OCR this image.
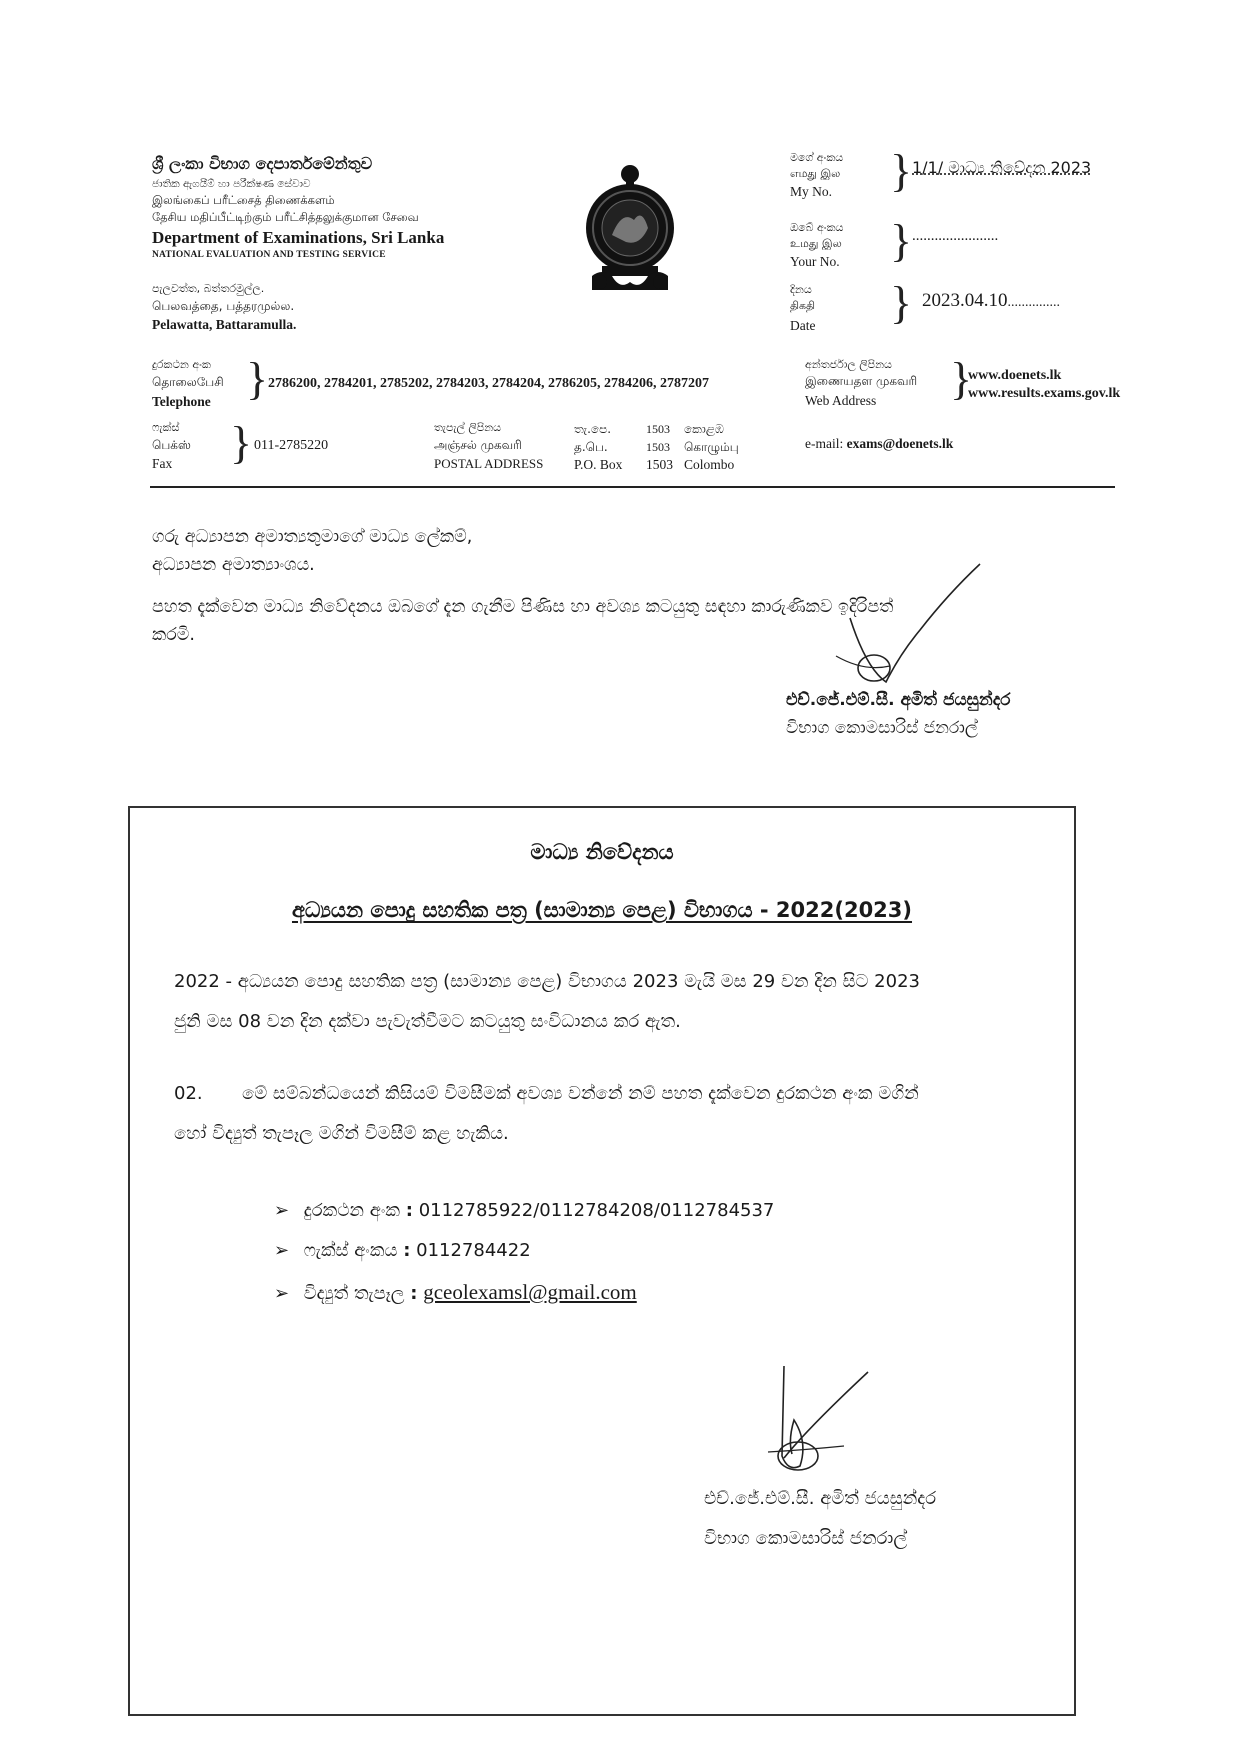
ශ්‍රී ලංකා විභාග දෙපාර්තමේන්තුව
ජාතික ඇගයීම් හා පරීක්ෂණ සේවාව
இலங்கைப் பரீட்சைத் திணைக்களம்
தேசிய மதிப்பீட்டிற்கும் பரீட்சித்தலுக்குமான சேவை
Department of Examinations, Sri Lanka
NATIONAL EVALUATION AND TESTING SERVICE
පැලවත්ත, බත්තරමුල්ල.
பெலவத்தை, பத்தரமுல்ல.
Pelawatta, Battaramulla.
මගේ අංකය
எமது இல
My No. } 1/1/ මාධ්‍ය නිවේදන 2023
ඔබේ අංකය
உமது இல
Your No. } .......................
දිනය
திகதி
Date } 2023.04.10...............
දුරකථන අංක
தொலைபேசி
Telephone } 2786200, 2784201, 2785202, 2784203, 2784204, 2786205, 2784206, 2787207
අන්තර්ජාල ලිපිනය
இணையதள முகவரி
Web Address }
www.doenets.lk
www.results.exams.gov.lk
ෆැක්ස්
பெக்ஸ்
Fax } 011-2785220
තැපැල් ලිපිනය
அஞ்சல் முகவரி
POSTAL ADDRESS
තැ.පෙ.	1503 කොළඹ
த.பெ.	1503 கொழும்பு
P.O. Box 1503 Colombo
e-mail: exams@doenets.lk
ගරු අධ්‍යාපන අමාත්‍යතුමාගේ මාධ්‍ය ලේකම්,
අධ්‍යාපන අමාත්‍යාංශය.
පහත දැක්වෙන මාධ්‍ය නිවේදනය ඔබගේ දැන ගැනීම පිණිස හා අවශ්‍ය කටයුතු සඳහා කාරුණිකව ඉදිරිපත්
කරමි.
එච්.ජේ.එම්.සී. අමිත් ජයසුන්දර
විභාග කොමසාරිස් ජනරාල්
මාධ්‍ය නිවේදනය
අධ්‍යයන පොදු සහතික පත්‍ර (සාමාන්‍ය පෙළ) විභාගය - 2022(2023)
2022 - අධ්‍යයන පොදු සහතික පත්‍ර (සාමාන්‍ය පෙළ) විභාගය 2023 මැයි මස 29 වන දින සිට 2023
ජුනි මස 08 වන දින දක්වා පැවැත්වීමට කටයුතු සංවිධානය කර ඇත.
02. මේ සම්බන්ධයෙන් කිසියම් විමසීමක් අවශ්‍ය වන්නේ නම් පහත දැක්වෙන දුරකථන අංක මගින්
හෝ විද්‍යුත් තැපෑල මගින් විමසීම් කළ හැකිය.
➢ දුරකථන අංක : 0112785922/0112784208/0112784537
➢ ෆැක්ස් අංකය : 0112784422
➢ විද්‍යුත් තැපෑල : gceolexamsl@gmail.com
එච්.ජේ.එම්.සී. අමිත් ජයසුන්දර
විභාග කොමසාරිස් ජනරාල්
